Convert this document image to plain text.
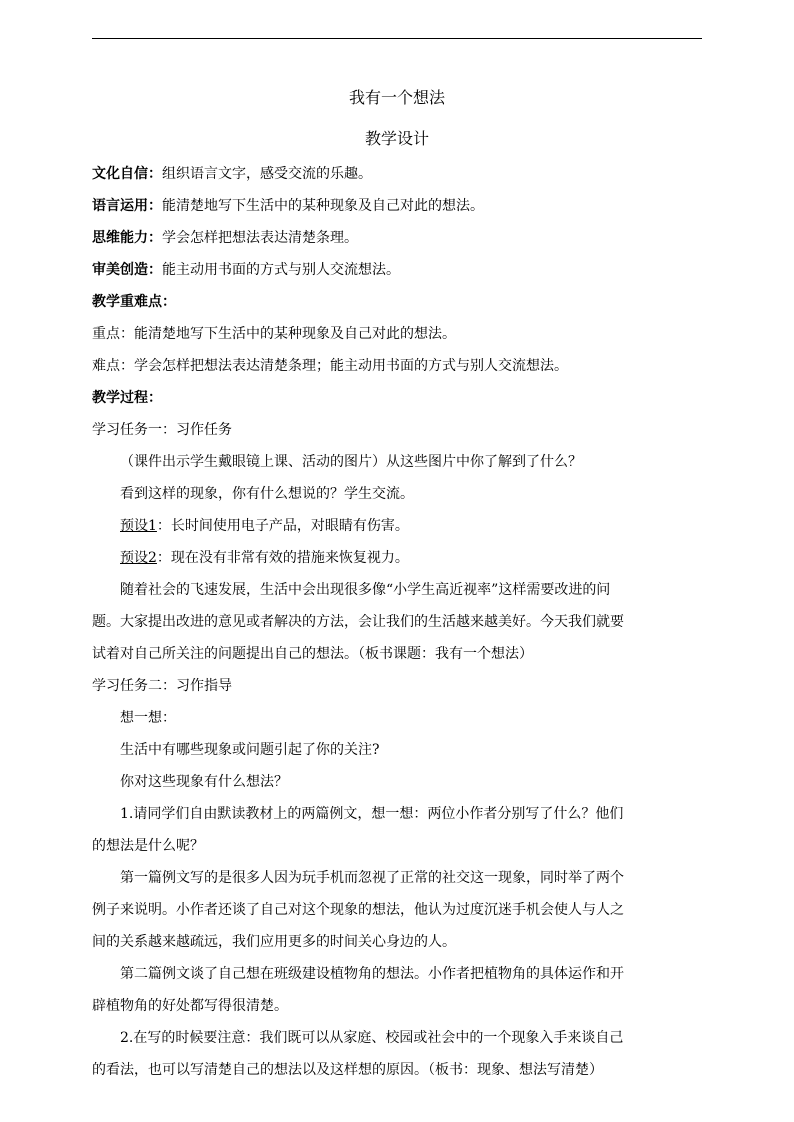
我有一个想法
教学设计
文化自信：组织语言文字，感受交流的乐趣。
语言运用：能清楚地写下生活中的某种现象及自己对此的想法。
思维能力：学会怎样把想法表达清楚条理。
审美创造：能主动用书面的方式与别人交流想法。
教学重难点：
重点：能清楚地写下生活中的某种现象及自己对此的想法。
难点：学会怎样把想法表达清楚条理；能主动用书面的方式与别人交流想法。
教学过程：
学习任务一：习作任务
（课件出示学生戴眼镜上课、活动的图片）从这些图片中你了解到了什么？
看到这样的现象，你有什么想说的？学生交流。
预设1：长时间使用电子产品，对眼睛有伤害。
预设2：现在没有非常有效的措施来恢复视力。
随着社会的飞速发展，生活中会出现很多像“小学生高近视率”这样需要改进的问
题。大家提出改进的意见或者解决的方法，会让我们的生活越来越美好。今天我们就要
试着对自己所关注的问题提出自己的想法。（板书课题：我有一个想法）
学习任务二：习作指导
想一想：
生活中有哪些现象或问题引起了你的关注?
你对这些现象有什么想法？
1.请同学们自由默读教材上的两篇例文，想一想：两位小作者分别写了什么？他们
的想法是什么呢？
第一篇例文写的是很多人因为玩手机而忽视了正常的社交这一现象，同时举了两个
例子来说明。小作者还谈了自己对这个现象的想法，他认为过度沉迷手机会使人与人之
间的关系越来越疏远，我们应用更多的时间关心身边的人。
第二篇例文谈了自己想在班级建设植物角的想法。小作者把植物角的具体运作和开
辟植物角的好处都写得很清楚。
2.在写的时候要注意：我们既可以从家庭、校园或社会中的一个现象入手来谈自己
的看法，也可以写清楚自己的想法以及这样想的原因。（板书：现象、想法写清楚）
